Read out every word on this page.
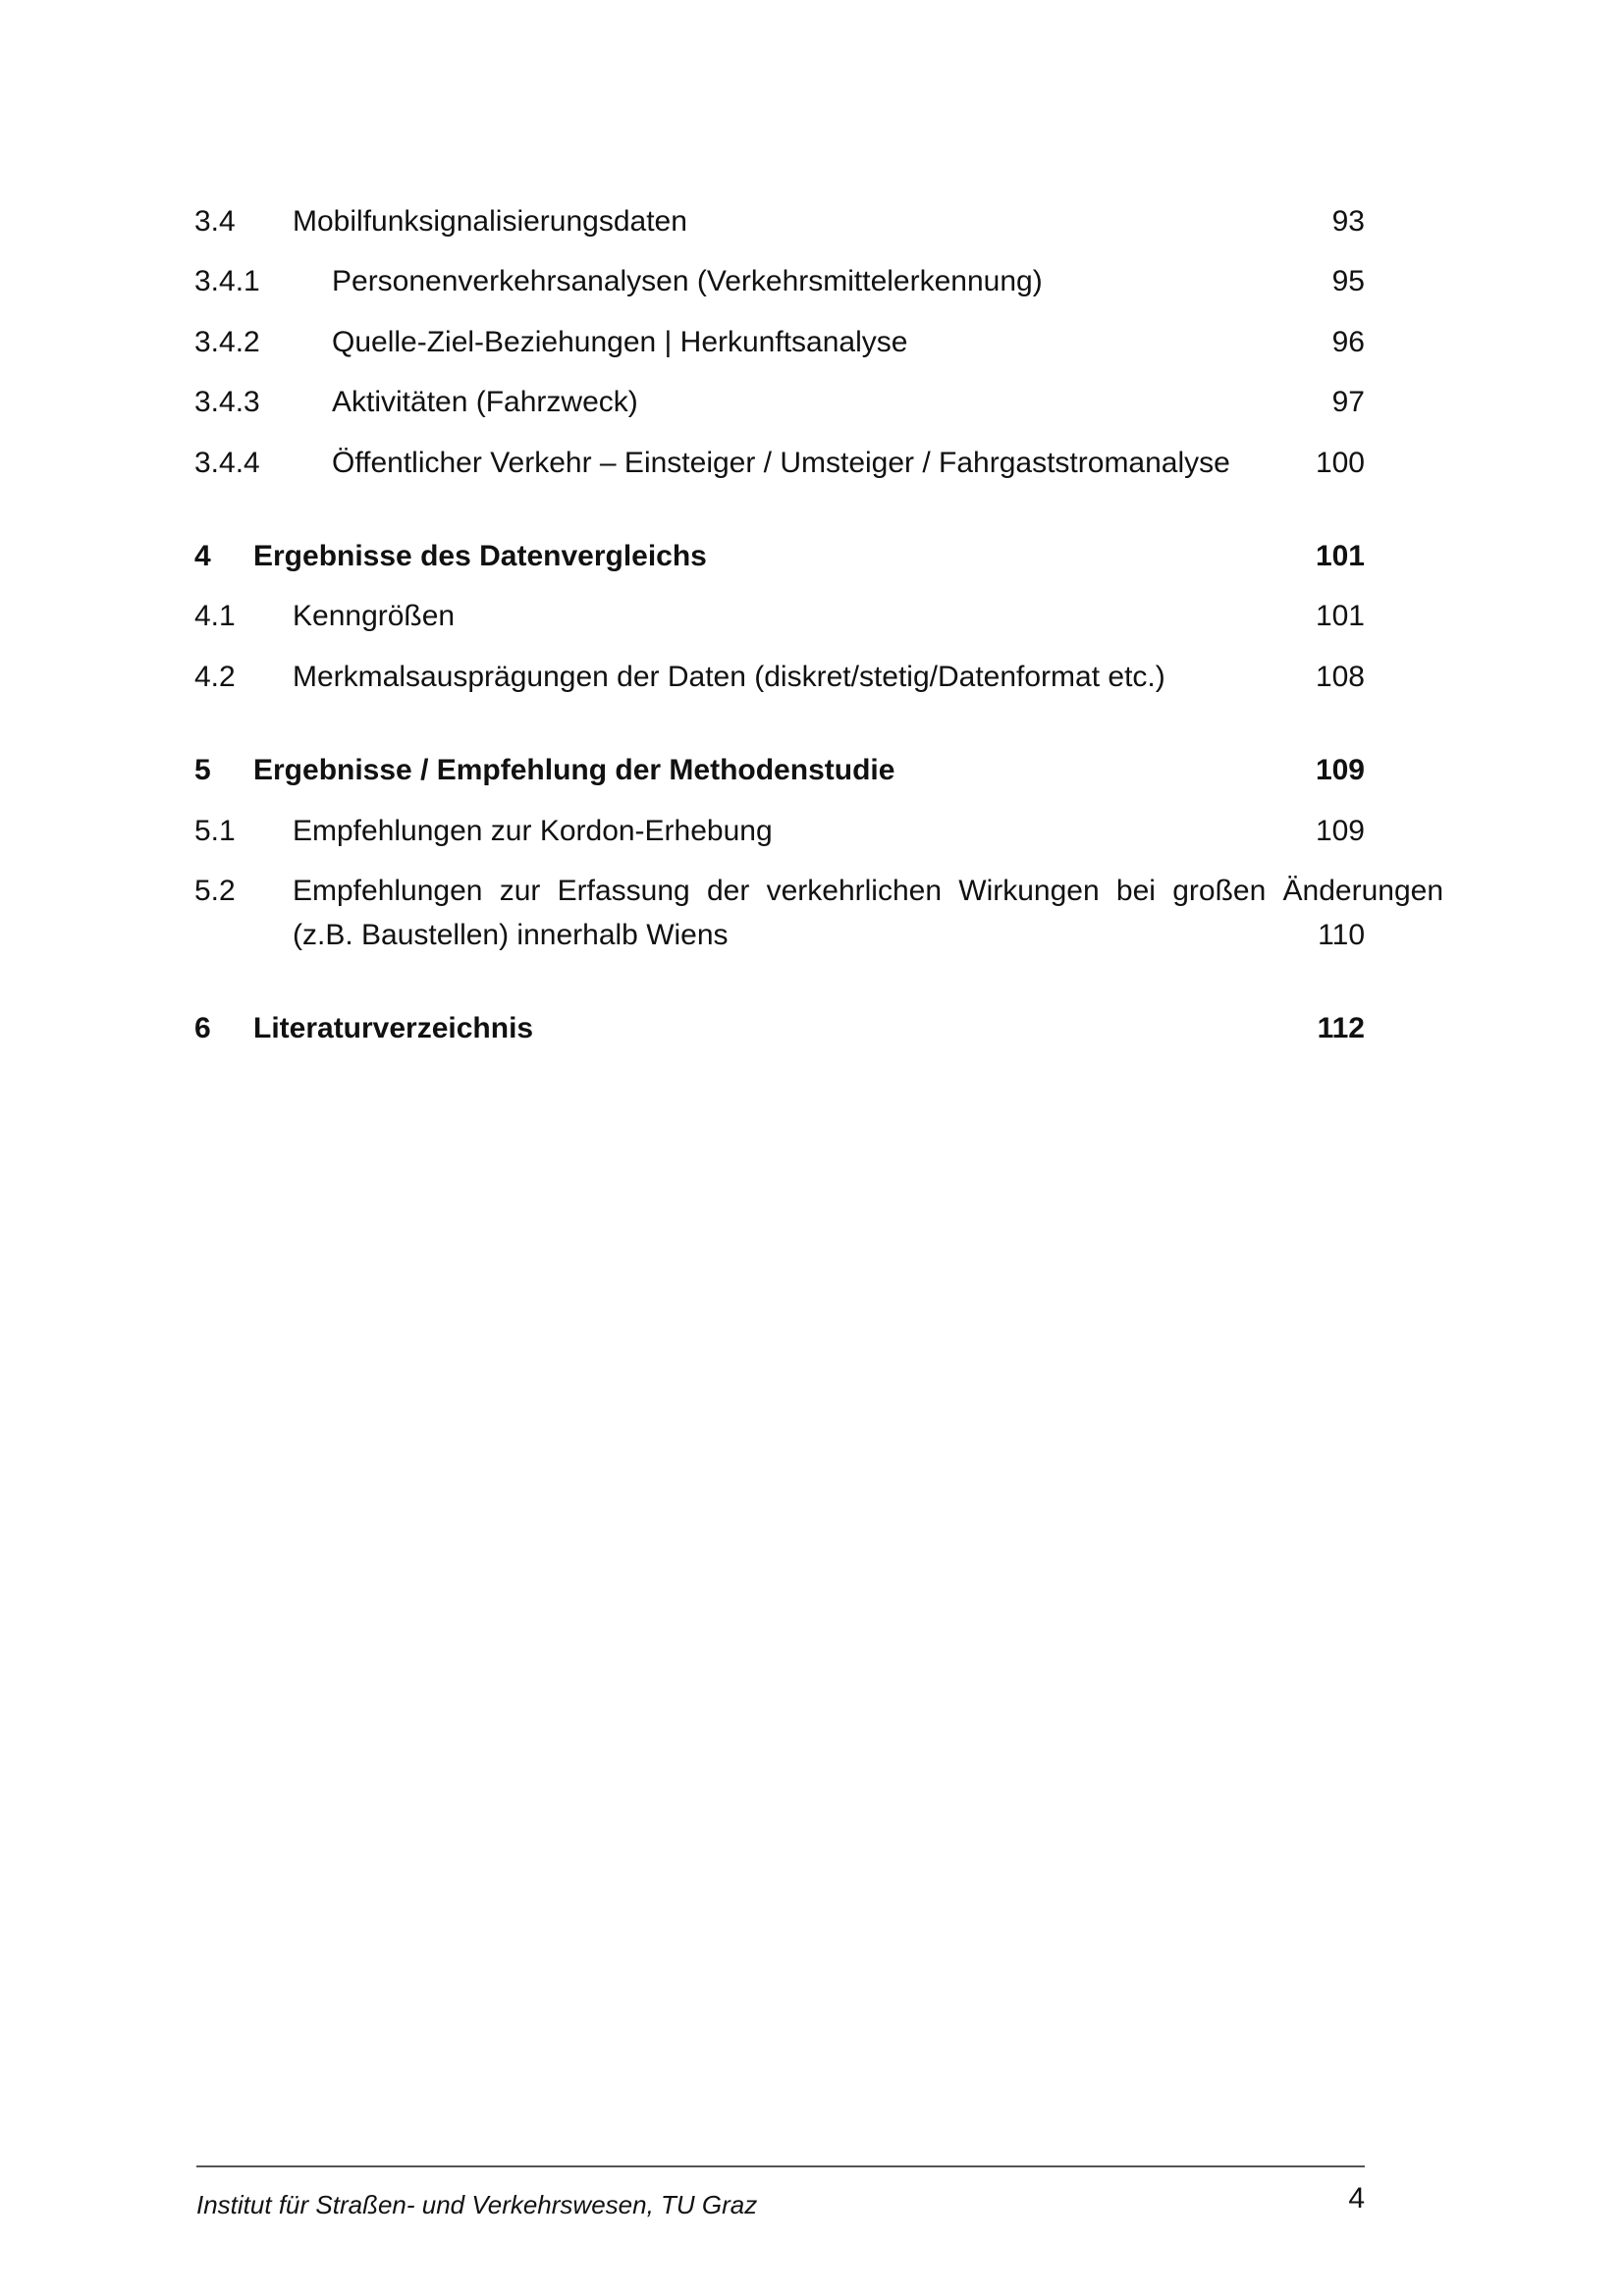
3.4 Mobilfunksignalisierungsdaten	93
3.4.1 Personenverkehrsanalysen (Verkehrsmittelerkennung)	95
3.4.2 Quelle-Ziel-Beziehungen | Herkunftsanalyse	96
3.4.3 Aktivitäten (Fahrzweck)	97
3.4.4 Öffentlicher Verkehr – Einsteiger / Umsteiger / Fahrgaststromanalyse	100
4 Ergebnisse des Datenvergleichs	101
4.1 Kenngrößen	101
4.2 Merkmalsausprägungen der Daten (diskret/stetig/Datenformat etc.)	108
5 Ergebnisse / Empfehlung der Methodenstudie	109
5.1 Empfehlungen zur Kordon-Erhebung	109
5.2 Empfehlungen zur Erfassung der verkehrlichen Wirkungen bei großen Änderungen
(z.B. Baustellen) innerhalb Wiens	110
6 Literaturverzeichnis	112
Institut für Straßen- und Verkehrswesen, TU Graz	4
